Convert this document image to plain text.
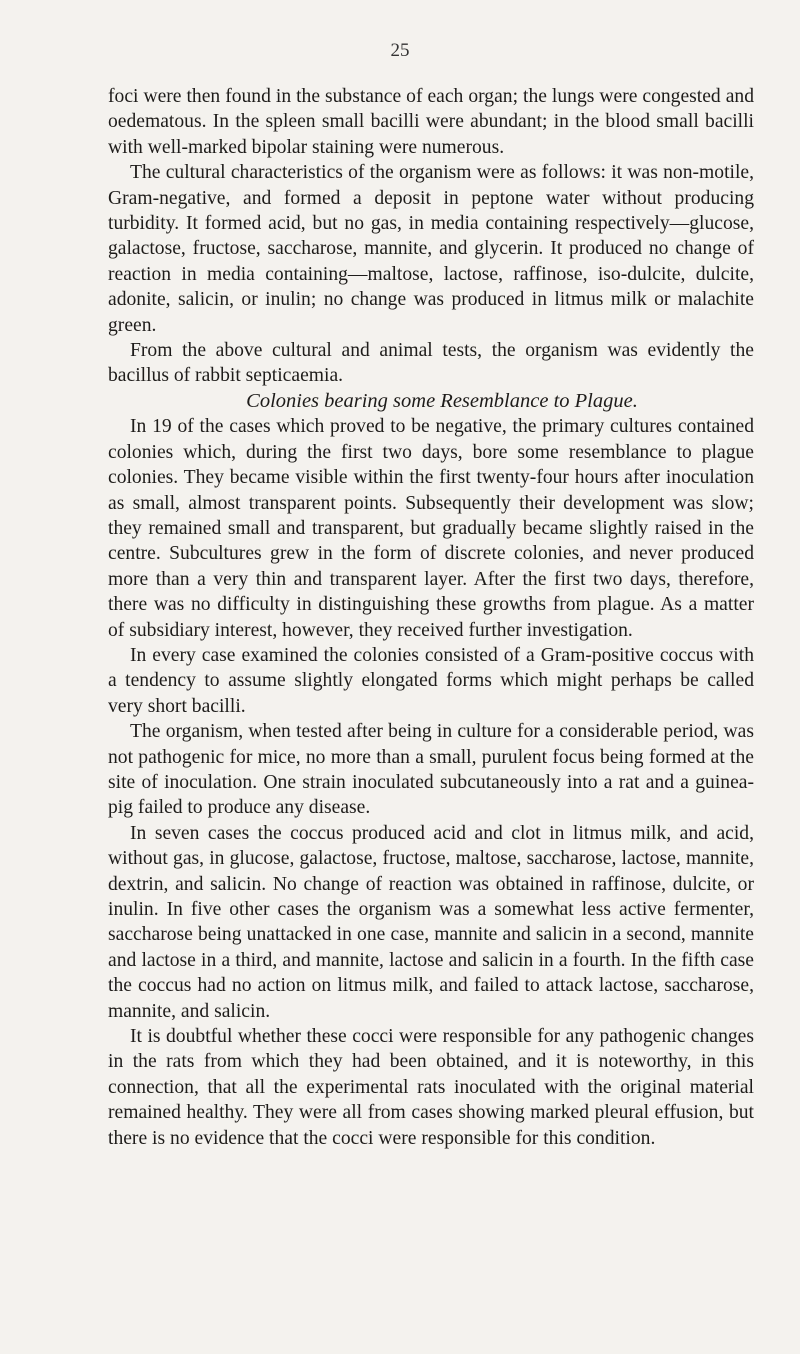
25

foci were then found in the substance of each organ; the lungs were congested and oedematous. In the spleen small bacilli were abundant; in the blood small bacilli with well-marked bipolar staining were numerous.

The cultural characteristics of the organism were as follows: it was non-motile, Gram-negative, and formed a deposit in peptone water without producing turbidity. It formed acid, but no gas, in media containing respectively—glucose, galactose, fructose, saccharose, mannite, and glycerin. It produced no change of reaction in media containing—maltose, lactose, raffinose, iso-dulcite, dulcite, adonite, salicin, or inulin; no change was produced in litmus milk or malachite green.

From the above cultural and animal tests, the organism was evidently the bacillus of rabbit septicaemia.

Colonies bearing some Resemblance to Plague.

In 19 of the cases which proved to be negative, the primary cultures contained colonies which, during the first two days, bore some resemblance to plague colonies. They became visible within the first twenty-four hours after inoculation as small, almost transparent points. Subsequently their development was slow; they remained small and transparent, but gradually became slightly raised in the centre. Subcultures grew in the form of discrete colonies, and never produced more than a very thin and transparent layer. After the first two days, therefore, there was no difficulty in distinguishing these growths from plague. As a matter of subsidiary interest, however, they received further investigation.

In every case examined the colonies consisted of a Gram-positive coccus with a tendency to assume slightly elongated forms which might perhaps be called very short bacilli.

The organism, when tested after being in culture for a considerable period, was not pathogenic for mice, no more than a small, purulent focus being formed at the site of inoculation. One strain inoculated subcutaneously into a rat and a guinea-pig failed to produce any disease.

In seven cases the coccus produced acid and clot in litmus milk, and acid, without gas, in glucose, galactose, fructose, maltose, saccharose, lactose, mannite, dextrin, and salicin. No change of reaction was obtained in raffinose, dulcite, or inulin. In five other cases the organism was a somewhat less active fermenter, saccharose being unattacked in one case, mannite and salicin in a second, mannite and lactose in a third, and mannite, lactose and salicin in a fourth. In the fifth case the coccus had no action on litmus milk, and failed to attack lactose, saccharose, mannite, and salicin.

It is doubtful whether these cocci were responsible for any pathogenic changes in the rats from which they had been obtained, and it is noteworthy, in this connection, that all the experimental rats inoculated with the original material remained healthy. They were all from cases showing marked pleural effusion, but there is no evidence that the cocci were responsible for this condition.
